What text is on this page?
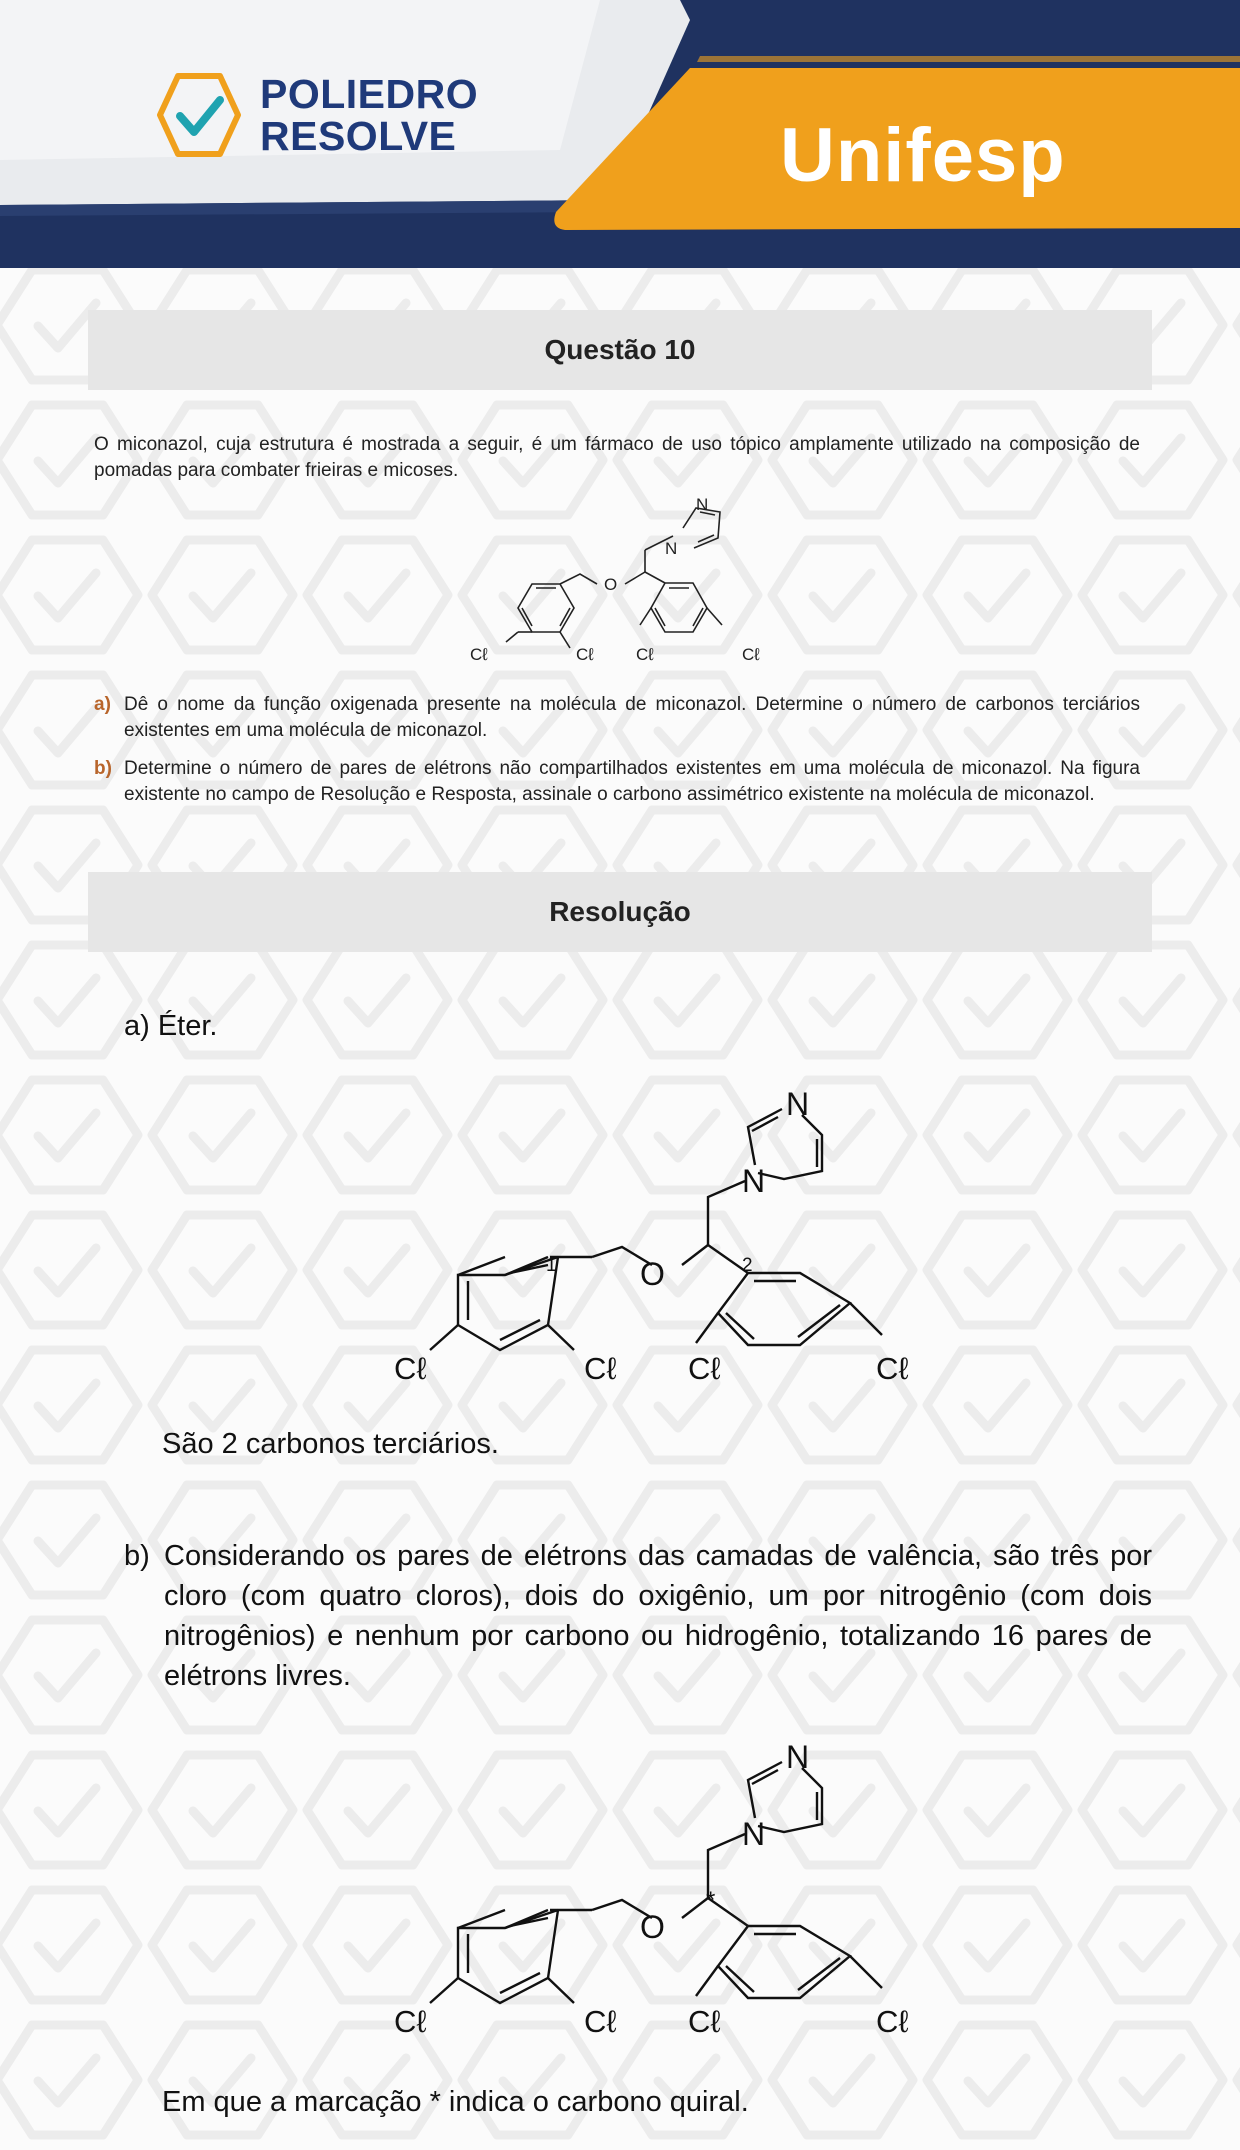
POLIEDRO
RESOLVE	Unifesp
Questão 10
O miconazol, cuja estrutura é mostrada a seguir, é um fármaco de uso tópico amplamente utilizado na composição de pomadas para combater frieiras e micoses.
N
N
O
Cℓ	Cℓ Cℓ	Cℓ
a) Dê o nome da função oxigenada presente na molécula de miconazol. Determine o número de carbonos terciários existentes em uma molécula de miconazol.
b) Determine o número de pares de elétrons não compartilhados existentes em uma molécula de miconazol. Na figura existente no campo de Resolução e Resposta, assinale o carbono assimétrico existente na molécula de miconazol.
Resolução
a) Éter.
N
N
O
1	2
Cℓ	Cℓ Cℓ	Cℓ
São 2 carbonos terciários.
b) Considerando os pares de elétrons das camadas de valência, são três por cloro (com quatro cloros), dois do oxigênio, um por nitrogênio (com dois nitrogênios) e nenhum por carbono ou hidrogênio, totalizando 16 pares de elétrons livres.
N
N
O
*
Cℓ	Cℓ Cℓ	Cℓ
Em que a marcação * indica o carbono quiral.
